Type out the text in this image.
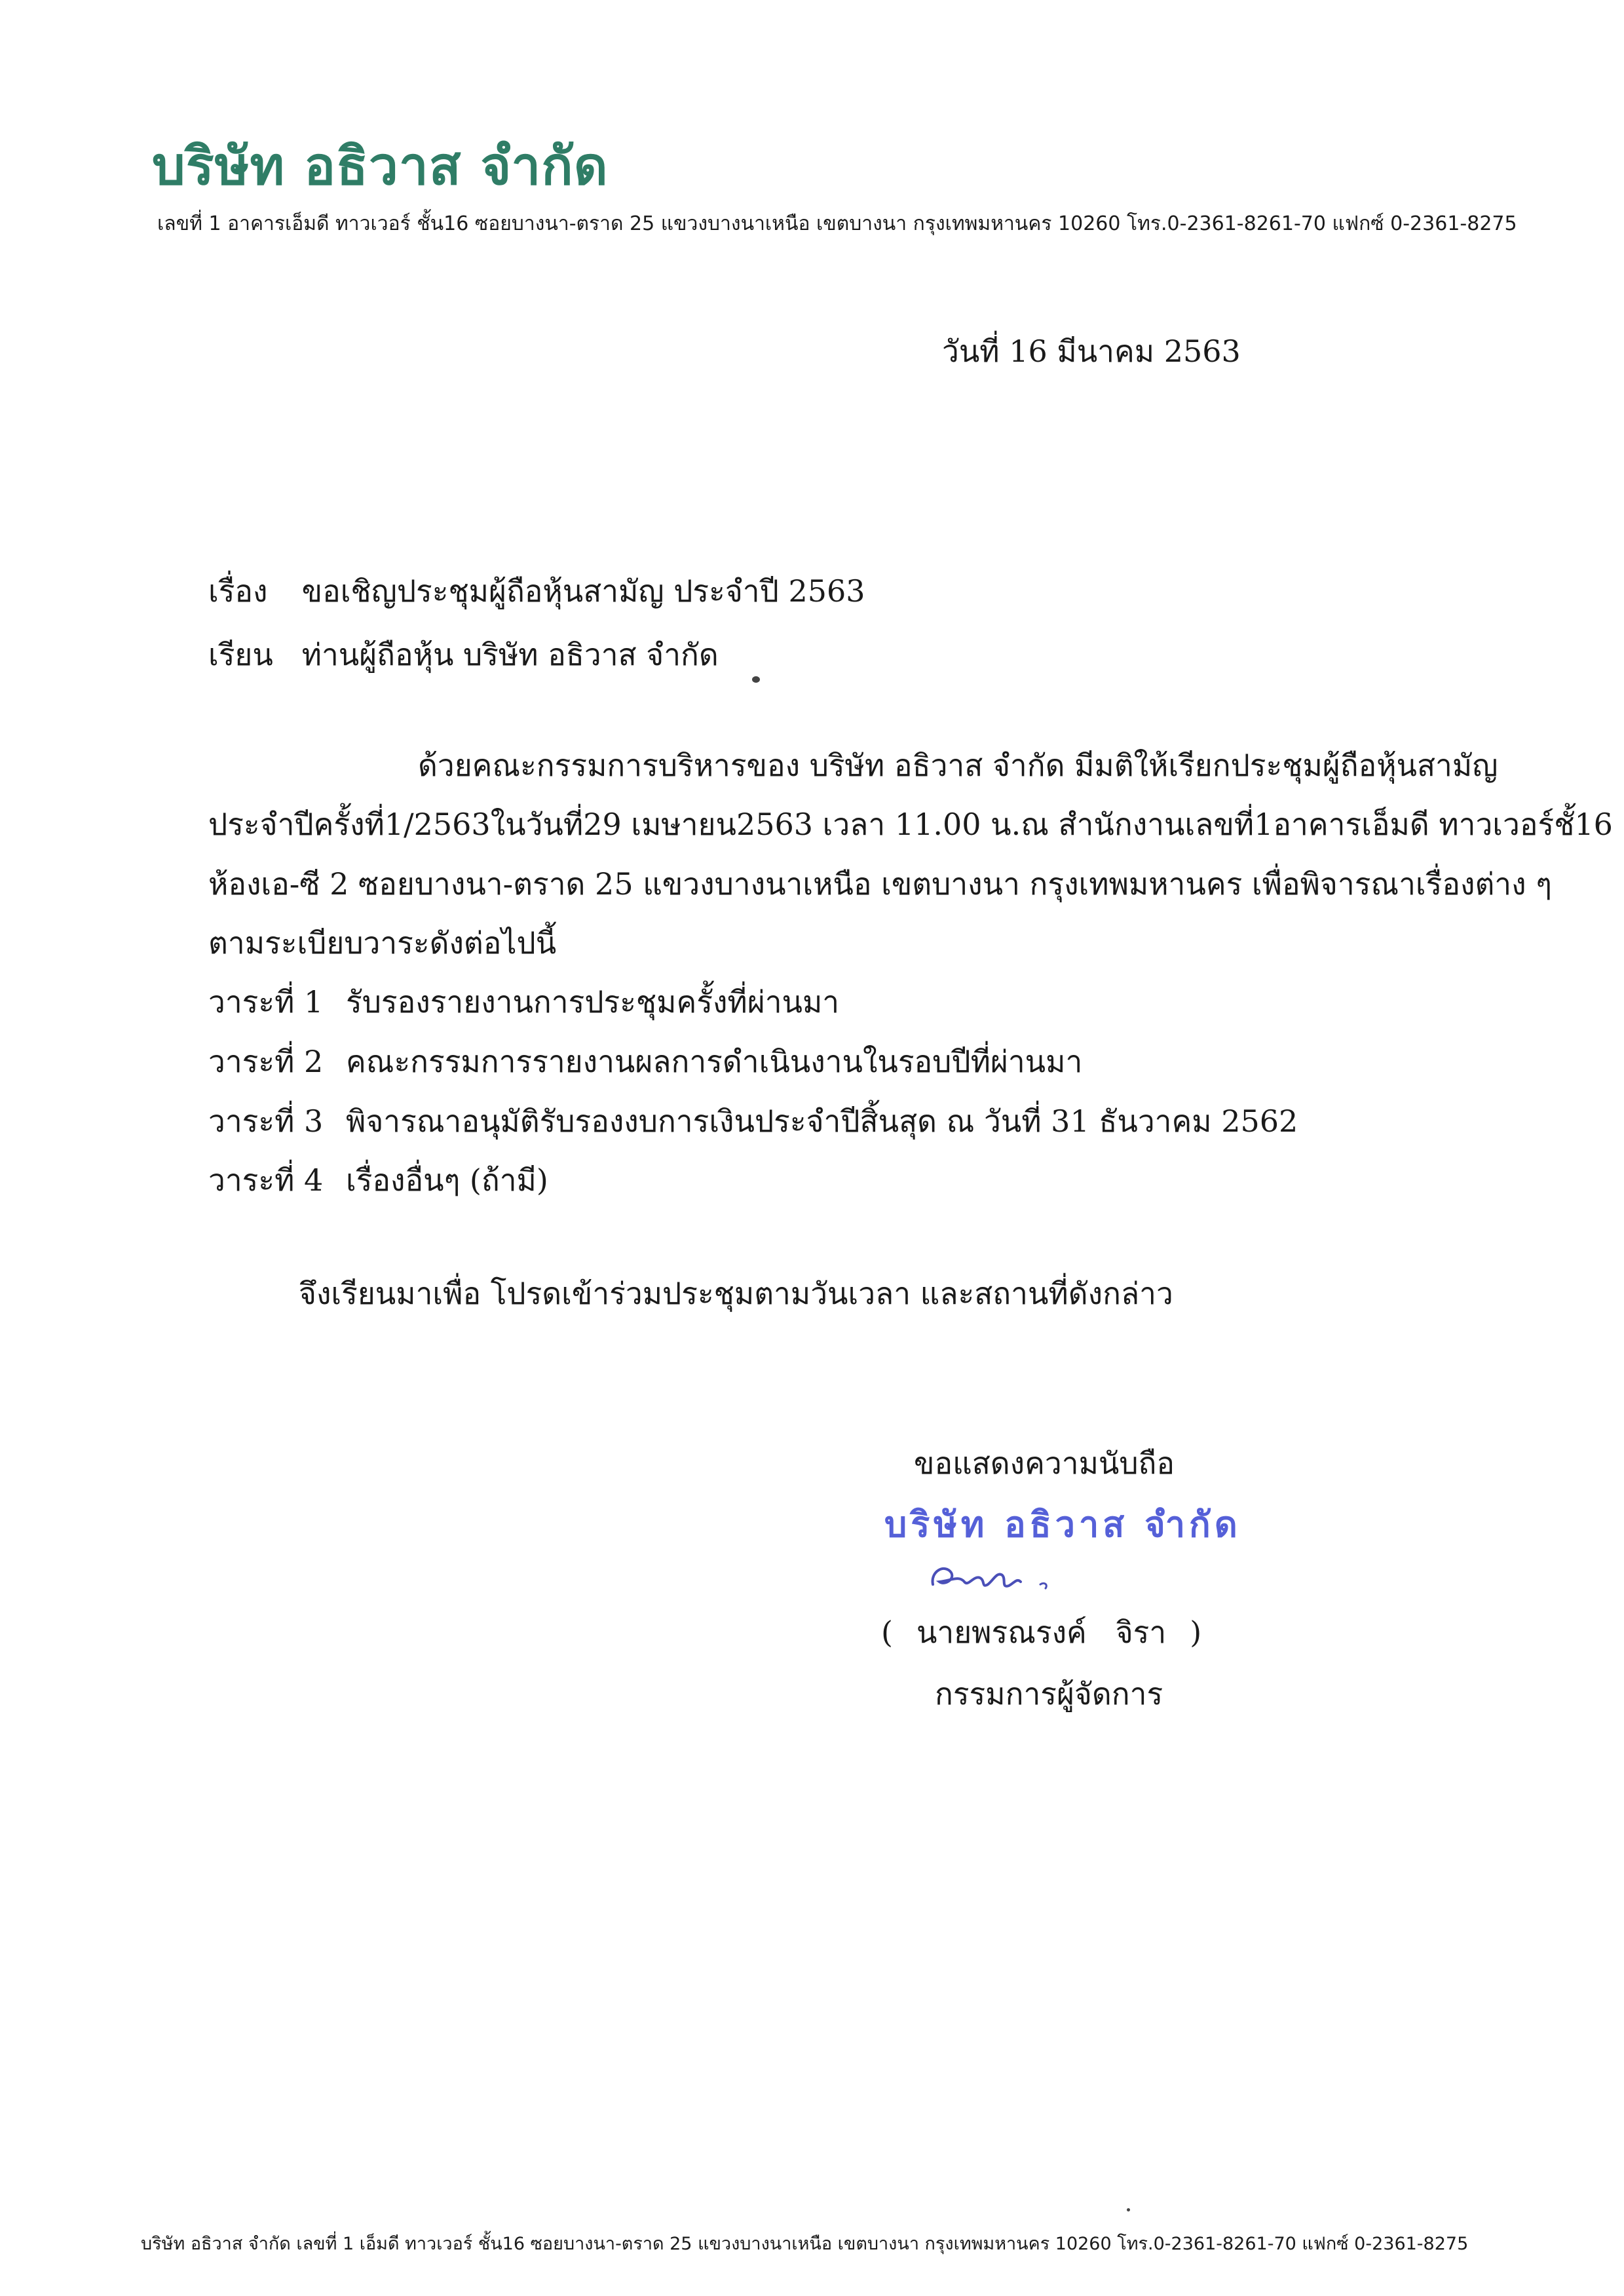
บริษัท อธิวาส จำกัด
เลขที่ 1 อาคารเอ็มดี ทาวเวอร์ ชั้น16 ซอยบางนา-ตราด 25 แขวงบางนาเหนือ เขตบางนา กรุงเทพมหานคร 10260 โทร.0-2361-8261-70 แฟกซ์ 0-2361-8275
วันที่ 16 มีนาคม 2563
เรื่อง ขอเชิญประชุมผู้ถือหุ้นสามัญ ประจำปี 2563
เรียน ท่านผู้ถือหุ้น บริษัท อธิวาส จำกัด
ด้วยคณะกรรมการบริหารของ บริษัท อธิวาส จำกัด มีมติให้เรียกประชุมผู้ถือหุ้นสามัญ
ประจำปีครั้งที่1/2563ในวันที่29 เมษายน2563 เวลา 11.00 น.ณ สำนักงานเลขที่1อาคารเอ็มดี ทาวเวอร์ชั้16
ห้องเอ-ซี 2 ซอยบางนา-ตราด 25 แขวงบางนาเหนือ เขตบางนา กรุงเทพมหานคร เพื่อพิจารณาเรื่องต่าง ๆ
ตามระเบียบวาระดังต่อไปนี้
วาระที่ 1 รับรองรายงานการประชุมครั้งที่ผ่านมา
วาระที่ 2 คณะกรรมการรายงานผลการดำเนินงานในรอบปีที่ผ่านมา
วาระที่ 3 พิจารณาอนุมัติรับรองงบการเงินประจำปีสิ้นสุด ณ วันที่ 31 ธันวาคม 2562
วาระที่ 4 เรื่องอื่นๆ (ถ้ามี)
จึงเรียนมาเพื่อ โปรดเข้าร่วมประชุมตามวันเวลา และสถานที่ดังกล่าว
ขอแสดงความนับถือ
บริษัท อธิวาส จำกัด
( นายพรณรงค์   จิรา )
กรรมการผู้จัดการ
บริษัท อธิวาส จำกัด เลขที่ 1 เอ็มดี ทาวเวอร์ ชั้น16 ซอยบางนา-ตราด 25 แขวงบางนาเหนือ เขตบางนา กรุงเทพมหานคร 10260 โทร.0-2361-8261-70 แฟกซ์ 0-2361-8275
